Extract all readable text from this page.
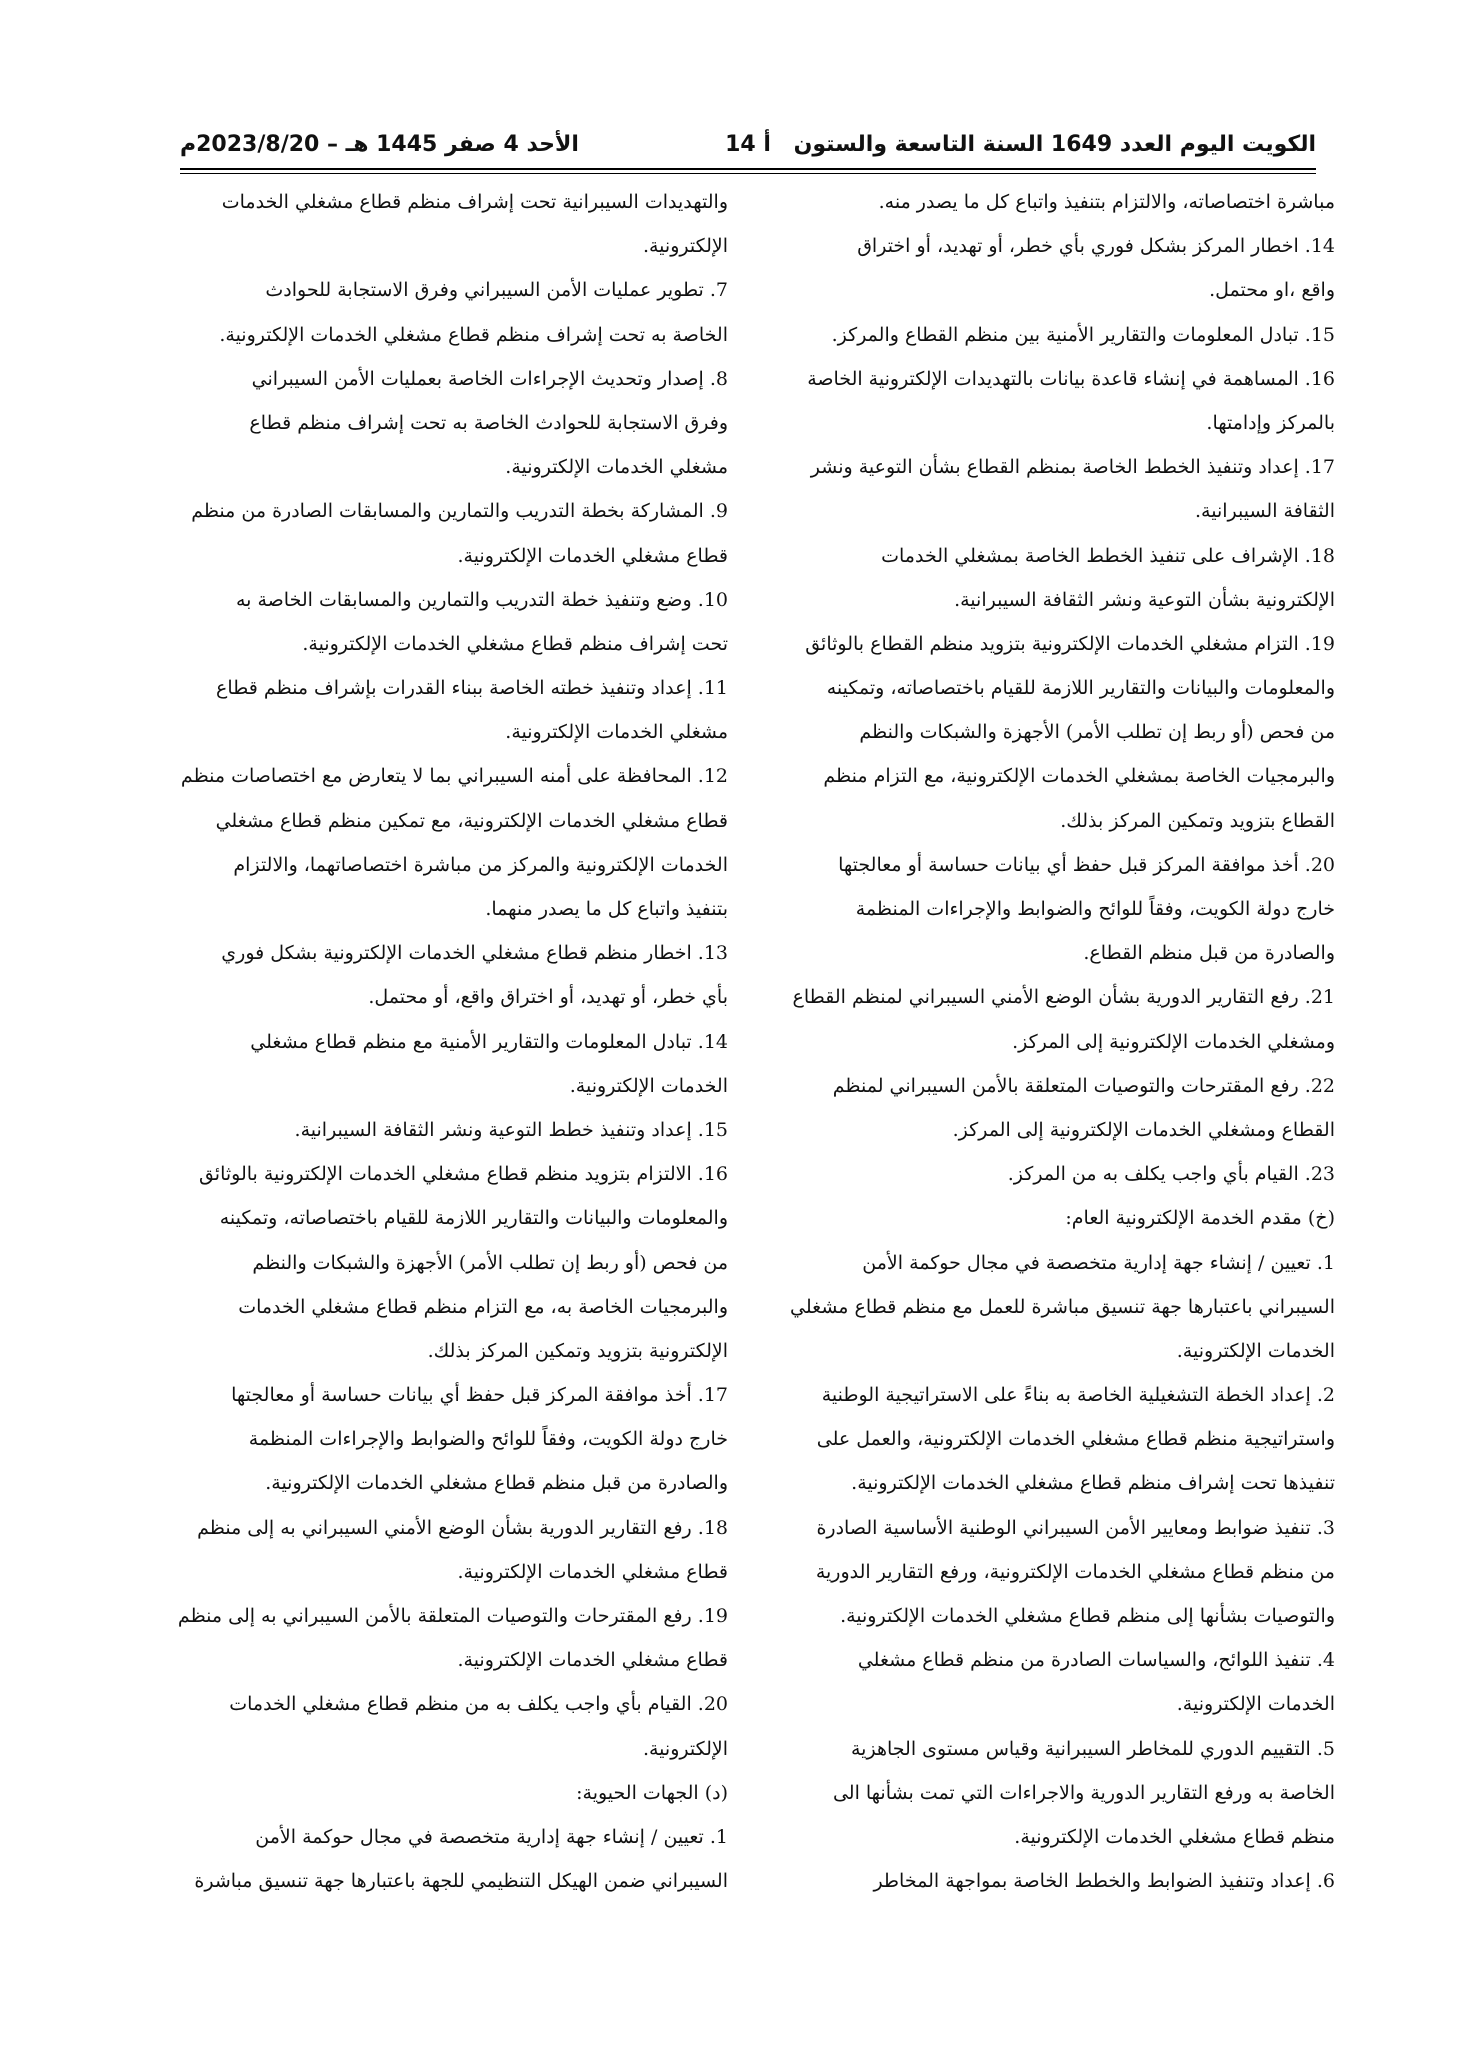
الكويت اليوم العدد 1649 السنة التاسعة والستون
أ 14
الأحد 4 صفر 1445 هـ – 2023/8/20م
مباشرة اختصاصاته، والالتزام بتنفيذ واتباع كل ما يصدر منه.
14. اخطار المركز بشكل فوري بأي خطر، أو تهديد، أو اختراق
واقع ،او محتمل.
15. تبادل المعلومات والتقارير الأمنية بين منظم القطاع والمركز.
16. المساهمة في إنشاء قاعدة بيانات بالتهديدات الإلكترونية الخاصة
بالمركز وإدامتها.
17. إعداد وتنفيذ الخطط الخاصة بمنظم القطاع بشأن التوعية ونشر
الثقافة السيبرانية.
18. الإشراف على تنفيذ الخطط الخاصة بمشغلي الخدمات
الإلكترونية بشأن التوعية ونشر الثقافة السيبرانية.
19. التزام مشغلي الخدمات الإلكترونية بتزويد منظم القطاع بالوثائق
والمعلومات والبيانات والتقارير اللازمة للقيام باختصاصاته، وتمكينه
من فحص (أو ربط إن تطلب الأمر) الأجهزة والشبكات والنظم
والبرمجيات الخاصة بمشغلي الخدمات الإلكترونية، مع التزام منظم
القطاع بتزويد وتمكين المركز بذلك.
20. أخذ موافقة المركز قبل حفظ أي بيانات حساسة أو معالجتها
خارج دولة الكويت، وفقاً للوائح والضوابط والإجراءات المنظمة
والصادرة من قبل منظم القطاع.
21. رفع التقارير الدورية بشأن الوضع الأمني السيبراني لمنظم القطاع
ومشغلي الخدمات الإلكترونية إلى المركز.
22. رفع المقترحات والتوصيات المتعلقة بالأمن السيبراني لمنظم
القطاع ومشغلي الخدمات الإلكترونية إلى المركز.
23. القيام بأي واجب يكلف به من المركز.
(خ) مقدم الخدمة الإلكترونية العام:
1. تعيين / إنشاء جهة إدارية متخصصة في مجال حوكمة الأمن
السيبراني باعتبارها جهة تنسيق مباشرة للعمل مع منظم قطاع مشغلي
الخدمات الإلكترونية.
2. إعداد الخطة التشغيلية الخاصة به بناءً على الاستراتيجية الوطنية
واستراتيجية منظم قطاع مشغلي الخدمات الإلكترونية، والعمل على
تنفيذها تحت إشراف منظم قطاع مشغلي الخدمات الإلكترونية.
3. تنفيذ ضوابط ومعايير الأمن السيبراني الوطنية الأساسية الصادرة
من منظم قطاع مشغلي الخدمات الإلكترونية، ورفع التقارير الدورية
والتوصيات بشأنها إلى منظم قطاع مشغلي الخدمات الإلكترونية.
4. تنفيذ اللوائح، والسياسات الصادرة من منظم قطاع مشغلي
الخدمات الإلكترونية.
5. التقييم الدوري للمخاطر السيبرانية وقياس مستوى الجاهزية
الخاصة به ورفع التقارير الدورية والاجراءات التي تمت بشأنها الى
منظم قطاع مشغلي الخدمات الإلكترونية.
6. إعداد وتنفيذ الضوابط والخطط الخاصة بمواجهة المخاطر
والتهديدات السيبرانية تحت إشراف منظم قطاع مشغلي الخدمات
الإلكترونية.
7. تطوير عمليات الأمن السيبراني وفرق الاستجابة للحوادث
الخاصة به تحت إشراف منظم قطاع مشغلي الخدمات الإلكترونية.
8. إصدار وتحديث الإجراءات الخاصة بعمليات الأمن السيبراني
وفرق الاستجابة للحوادث الخاصة به تحت إشراف منظم قطاع
مشغلي الخدمات الإلكترونية.
9. المشاركة بخطة التدريب والتمارين والمسابقات الصادرة من منظم
قطاع مشغلي الخدمات الإلكترونية.
10. وضع وتنفيذ خطة التدريب والتمارين والمسابقات الخاصة به
تحت إشراف منظم قطاع مشغلي الخدمات الإلكترونية.
11. إعداد وتنفيذ خطته الخاصة ببناء القدرات بإشراف منظم قطاع
مشغلي الخدمات الإلكترونية.
12. المحافظة على أمنه السيبراني بما لا يتعارض مع اختصاصات منظم
قطاع مشغلي الخدمات الإلكترونية، مع تمكين منظم قطاع مشغلي
الخدمات الإلكترونية والمركز من مباشرة اختصاصاتهما، والالتزام
بتنفيذ واتباع كل ما يصدر منهما.
13. اخطار منظم قطاع مشغلي الخدمات الإلكترونية بشكل فوري
بأي خطر، أو تهديد، أو اختراق واقع، أو محتمل.
14. تبادل المعلومات والتقارير الأمنية مع منظم قطاع مشغلي
الخدمات الإلكترونية.
15. إعداد وتنفيذ خطط التوعية ونشر الثقافة السيبرانية.
16. الالتزام بتزويد منظم قطاع مشغلي الخدمات الإلكترونية بالوثائق
والمعلومات والبيانات والتقارير اللازمة للقيام باختصاصاته، وتمكينه
من فحص (أو ربط إن تطلب الأمر) الأجهزة والشبكات والنظم
والبرمجيات الخاصة به، مع التزام منظم قطاع مشغلي الخدمات
الإلكترونية بتزويد وتمكين المركز بذلك.
17. أخذ موافقة المركز قبل حفظ أي بيانات حساسة أو معالجتها
خارج دولة الكويت، وفقاً للوائح والضوابط والإجراءات المنظمة
والصادرة من قبل منظم قطاع مشغلي الخدمات الإلكترونية.
18. رفع التقارير الدورية بشأن الوضع الأمني السيبراني به إلى منظم
قطاع مشغلي الخدمات الإلكترونية.
19. رفع المقترحات والتوصيات المتعلقة بالأمن السيبراني به إلى منظم
قطاع مشغلي الخدمات الإلكترونية.
20. القيام بأي واجب يكلف به من منظم قطاع مشغلي الخدمات
الإلكترونية.
(د) الجهات الحيوية:
1. تعيين / إنشاء جهة إدارية متخصصة في مجال حوكمة الأمن
السيبراني ضمن الهيكل التنظيمي للجهة باعتبارها جهة تنسيق مباشرة
